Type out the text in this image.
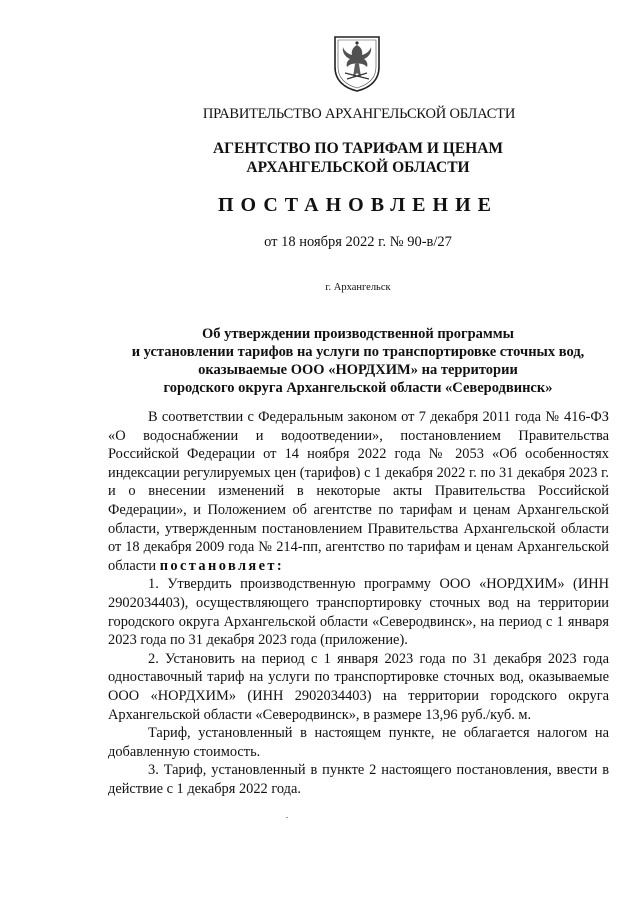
ПРАВИТЕЛЬСТВО АРХАНГЕЛЬСКОЙ ОБЛАСТИ
АГЕНТСТВО ПО ТАРИФАМ И ЦЕНАМ
АРХАНГЕЛЬСКОЙ ОБЛАСТИ
ПОСТАНОВЛЕНИЕ
от 18 ноября 2022 г. № 90-в/27
г. Архангельск
Об утверждении производственной программы
и установлении тарифов на услуги по транспортировке сточных вод,
оказываемые ООО «НОРДХИМ» на территории
городского округа Архангельской области «Северодвинск»

В соответствии с Федеральным законом от 7 декабря 2011 года № 416-ФЗ «О водоснабжении и водоотведении», постановлением Правительства Российской Федерации от 14 ноября 2022 года № 2053 «Об особенностях индексации регулируемых цен (тарифов) с 1 декабря 2022 г. по 31 декабря 2023 г. и о внесении изменений в некоторые акты Правительства Российской Федерации», и Положением об агентстве по тарифам и ценам Архангельской области, утвержденным постановлением Правительства Архангельской области от 18 декабря 2009 года № 214-пп, агентство по тарифам и ценам Архангельской области постановляет:

1. Утвердить производственную программу ООО «НОРДХИМ» (ИНН 2902034403), осуществляющего транспортировку сточных вод на территории городского округа Архангельской области «Северодвинск», на период с 1 января 2023 года по 31 декабря 2023 года (приложение).

2. Установить на период с 1 января 2023 года по 31 декабря 2023 года одноставочный тариф на услуги по транспортировке сточных вод, оказываемые ООО «НОРДХИМ» (ИНН 2902034403) на территории городского округа Архангельской области «Северодвинск», в размере 13,96 руб./куб. м.

Тариф, установленный в настоящем пункте, не облагается налогом на добавленную стоимость.

3. Тариф, установленный в пункте 2 настоящего постановления, ввести в действие с 1 декабря 2022 года.
